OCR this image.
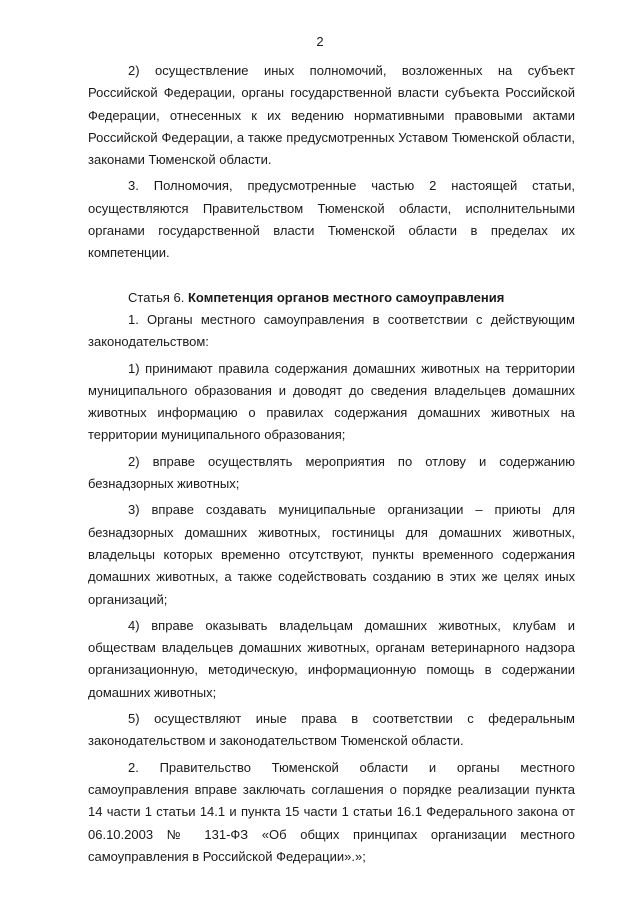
2

2) осуществление иных полномочий, возложенных на субъект Российской Федерации, органы государственной власти субъекта Российской Федерации, отнесенных к их ведению нормативными правовыми актами Российской Федерации, а также предусмотренных Уставом Тюменской области, законами Тюменской области.

3. Полномочия, предусмотренные частью 2 настоящей статьи, осуществляются Правительством Тюменской области, исполнительными органами государственной власти Тюменской области в пределах их компетенции.

Статья 6. Компетенция органов местного самоуправления

1. Органы местного самоуправления в соответствии с действующим законодательством:

1) принимают правила содержания домашних животных на территории муниципального образования и доводят до сведения владельцев домашних животных информацию о правилах содержания домашних животных на территории муниципального образования;

2) вправе осуществлять мероприятия по отлову и содержанию безнадзорных животных;

3) вправе создавать муниципальные организации – приюты для безнадзорных домашних животных, гостиницы для домашних животных, владельцы которых временно отсутствуют, пункты временного содержания домашних животных, а также содействовать созданию в этих же целях иных организаций;

4) вправе оказывать владельцам домашних животных, клубам и обществам владельцев домашних животных, органам ветеринарного надзора организационную, методическую, информационную помощь в содержании домашних животных;

5) осуществляют иные права в соответствии с федеральным законодательством и законодательством Тюменской области.

2. Правительство Тюменской области и органы местного самоуправления вправе заключать соглашения о порядке реализации пункта 14 части 1 статьи 14.1 и пункта 15 части 1 статьи 16.1 Федерального закона от 06.10.2003 № 131-ФЗ «Об общих принципах организации местного самоуправления в Российской Федерации».»;
